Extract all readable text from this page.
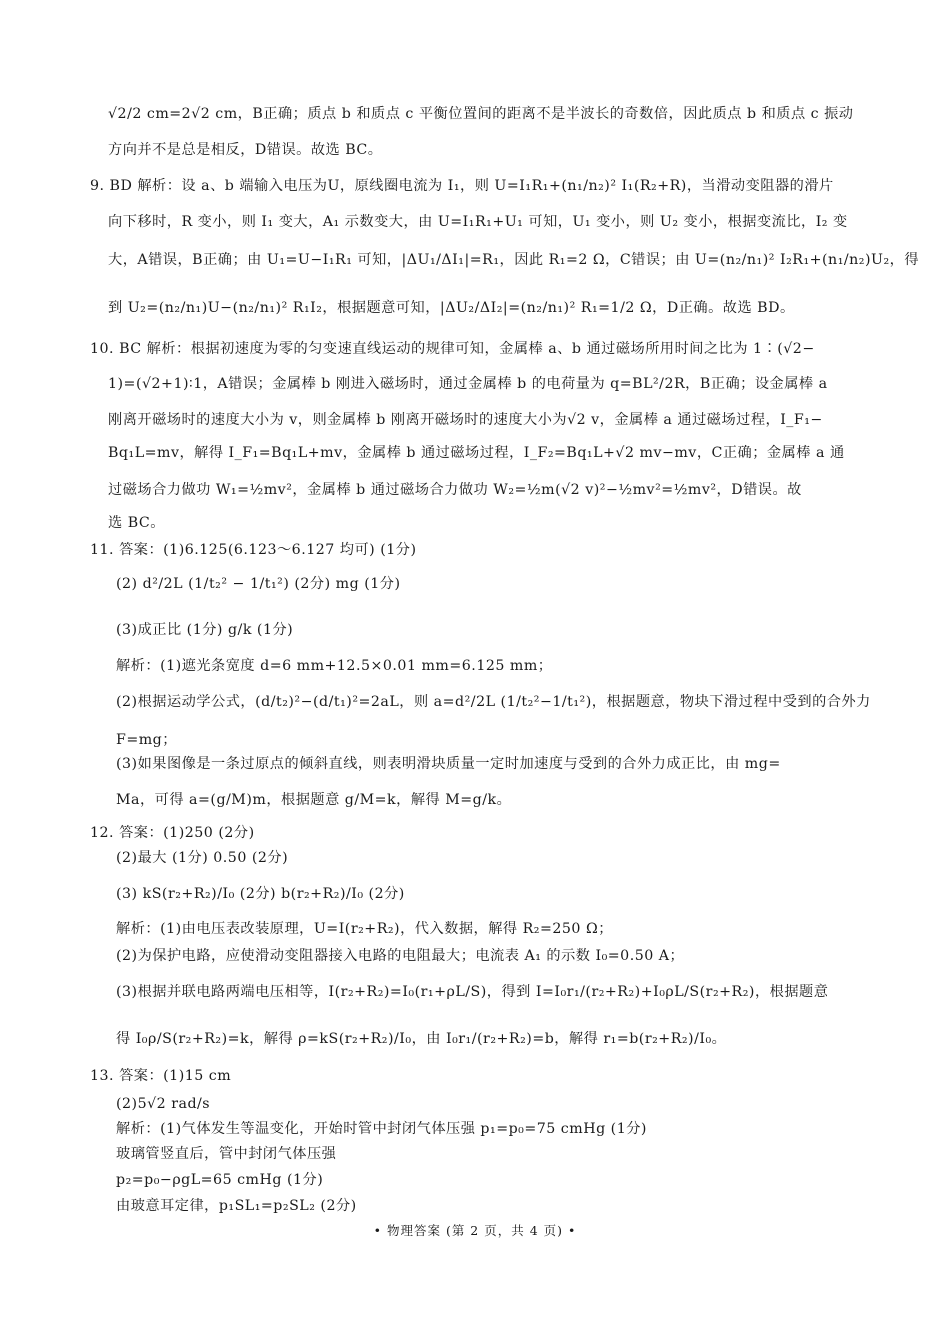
√2/2 cm=2√2 cm，B正确；质点 b 和质点 c 平衡位置间的距离不是半波长的奇数倍，因此质点 b 和质点 c 振动
方向并不是总是相反，D错误。故选 BC。
9. BD 解析：设 a、b 端输入电压为U，原线圈电流为 I₁，则 U=I₁R₁+(n₁/n₂)² I₁(R₂+R)，当滑动变阻器的滑片
向下移时，R 变小，则 I₁ 变大，A₁ 示数变大，由 U=I₁R₁+U₁ 可知，U₁ 变小，则 U₂ 变小，根据变流比，I₂ 变
大，A错误，B正确；由 U₁=U−I₁R₁ 可知，|ΔU₁/ΔI₁|=R₁，因此 R₁=2 Ω，C错误；由 U=(n₂/n₁)² I₂R₁+(n₁/n₂)U₂，得
到 U₂=(n₂/n₁)U−(n₂/n₁)² R₁I₂，根据题意可知，|ΔU₂/ΔI₂|=(n₂/n₁)² R₁=1/2 Ω，D正确。故选 BD。
10. BC 解析：根据初速度为零的匀变速直线运动的规律可知，金属棒 a、b 通过磁场所用时间之比为 1∶(√2−
1)=(√2+1)∶1，A错误；金属棒 b 刚进入磁场时，通过金属棒 b 的电荷量为 q=BL²/2R，B正确；设金属棒 a
刚离开磁场时的速度大小为 v，则金属棒 b 刚离开磁场时的速度大小为√2 v，金属棒 a 通过磁场过程，I_F₁−
Bq₁L=mv，解得 I_F₁=Bq₁L+mv，金属棒 b 通过磁场过程，I_F₂=Bq₁L+√2 mv−mv，C正确；金属棒 a 通
过磁场合力做功 W₁=½mv²，金属棒 b 通过磁场合力做功 W₂=½m(√2 v)²−½mv²=½mv²，D错误。故
选 BC。
11. 答案：(1)6.125(6.123～6.127 均可) (1分)
(2) d²/2L (1/t₂² − 1/t₁²) (2分) mg (1分)
(3)成正比 (1分) g/k (1分)
解析：(1)遮光条宽度 d=6 mm+12.5×0.01 mm=6.125 mm；
(2)根据运动学公式，(d/t₂)²−(d/t₁)²=2aL，则 a=d²/2L (1/t₂²−1/t₁²)，根据题意，物块下滑过程中受到的合外力
F=mg；
(3)如果图像是一条过原点的倾斜直线，则表明滑块质量一定时加速度与受到的合外力成正比，由 mg=
Ma，可得 a=(g/M)m，根据题意 g/M=k，解得 M=g/k。
12. 答案：(1)250 (2分)
(2)最大 (1分) 0.50 (2分)
(3) kS(r₂+R₂)/I₀ (2分) b(r₂+R₂)/I₀ (2分)
解析：(1)由电压表改装原理，U=I(r₂+R₂)，代入数据，解得 R₂=250 Ω；
(2)为保护电路，应使滑动变阻器接入电路的电阻最大；电流表 A₁ 的示数 I₀=0.50 A；
(3)根据并联电路两端电压相等，I(r₂+R₂)=I₀(r₁+ρL/S)，得到 I=I₀r₁/(r₂+R₂)+I₀ρL/S(r₂+R₂)，根据题意
得 I₀ρ/S(r₂+R₂)=k，解得 ρ=kS(r₂+R₂)/I₀，由 I₀r₁/(r₂+R₂)=b，解得 r₁=b(r₂+R₂)/I₀。
13. 答案：(1)15 cm
(2)5√2 rad/s
解析：(1)气体发生等温变化，开始时管中封闭气体压强 p₁=p₀=75 cmHg (1分)
玻璃管竖直后，管中封闭气体压强
p₂=p₀−ρgL=65 cmHg (1分)
由玻意耳定律，p₁SL₁=p₂SL₂ (2分)
• 物理答案 (第 2 页，共 4 页) •
